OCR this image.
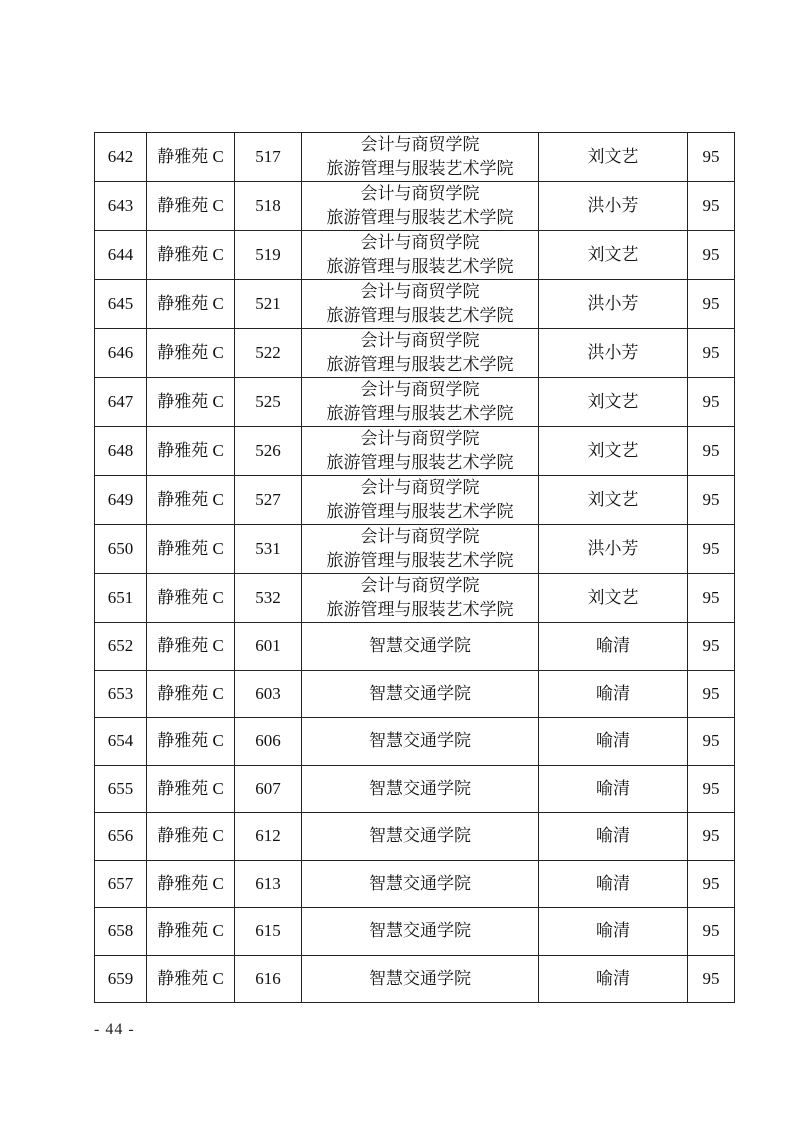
642	静雅苑 C	517	会计与商贸学院
旅游管理与服装艺术学院	刘文艺	95
643	静雅苑 C	518	会计与商贸学院
旅游管理与服装艺术学院	洪小芳	95
644	静雅苑 C	519	会计与商贸学院
旅游管理与服装艺术学院	刘文艺	95
645	静雅苑 C	521	会计与商贸学院
旅游管理与服装艺术学院	洪小芳	95
646	静雅苑 C	522	会计与商贸学院
旅游管理与服装艺术学院	洪小芳	95
647	静雅苑 C	525	会计与商贸学院
旅游管理与服装艺术学院	刘文艺	95
648	静雅苑 C	526	会计与商贸学院
旅游管理与服装艺术学院	刘文艺	95
649	静雅苑 C	527	会计与商贸学院
旅游管理与服装艺术学院	刘文艺	95
650	静雅苑 C	531	会计与商贸学院
旅游管理与服装艺术学院	洪小芳	95
651	静雅苑 C	532	会计与商贸学院
旅游管理与服装艺术学院	刘文艺	95
652	静雅苑 C	601	智慧交通学院	喻清	95
653	静雅苑 C	603	智慧交通学院	喻清	95
654	静雅苑 C	606	智慧交通学院	喻清	95
655	静雅苑 C	607	智慧交通学院	喻清	95
656	静雅苑 C	612	智慧交通学院	喻清	95
657	静雅苑 C	613	智慧交通学院	喻清	95
658	静雅苑 C	615	智慧交通学院	喻清	95
659	静雅苑 C	616	智慧交通学院	喻清	95
- 44 -
